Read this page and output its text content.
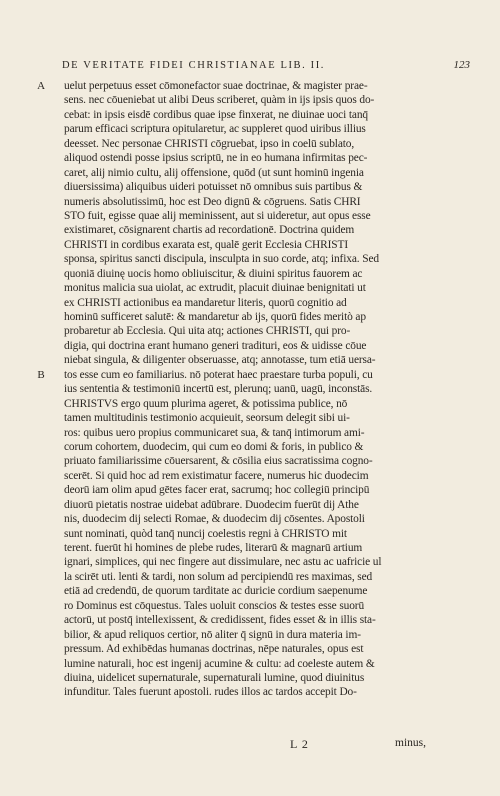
DE VERITATE FIDEI CHRISTIANAE LIB. II.	123
A uelut perpetuus esset cōmonefactor suae doctrinae, & magister prae-
sens. nec cōueniebat ut alibi Deus scriberet, quàm in ijs ipsis quos do-
cebat: in ipsis eisdē cordibus quae ipse finxerat, ne diuinae uoci tanq̄
parum efficaci scriptura opitularetur, ac suppleret quod uiribus illius
deesset. Nec personae CHRISTI cōgruebat, ipso in coelū sublato,
aliquod ostendi posse ipsius scriptū, ne in eo humana infirmitas pec-
caret, alij nimio cultu, alij offensione, quōd (ut sunt hominū ingenia
diuersissima) aliquibus uideri potuisset nō omnibus suis partibus &
numeris absolutissimū, hoc est Deo dignū & cōgruens. Satis CHRI
STO fuit, egisse quae alij meminissent, aut si uideretur, aut opus esse
existimaret, cōsignarent chartis ad recordationē. Doctrina quidem
CHRISTI in cordibus exarata est, qualē gerit Ecclesia CHRISTI
sponsa, spiritus sancti discipula, insculpta in suo corde, atq; infixa. Sed
quoniā diuinę uocis homo obliuiscitur, & diuini spiritus fauorem ac
monitus malicia sua uiolat, ac extrudit, placuit diuinae benignitati ut
ex CHRISTI actionibus ea mandaretur literis, quorū cognitio ad
hominū sufficeret salutē: & mandaretur ab ijs, quorū fides meritò ap
probaretur ab Ecclesia. Qui uita atq; actiones CHRISTI, qui pro-
digia, qui doctrina erant humano generi tradituri, eos & uidisse cōue
niebat singula, & diligenter obseruasse, atq; annotasse, tum etiā uersa-
B tos esse cum eo familiarius. nō poterat haec praestare turba populi, cu
ius sententia & testimoniū incertū est, plerunq; uanū, uagū, inconstās.
CHRISTVS ergo quum plurima ageret, & potissima publice, nō
tamen multitudinis testimonio acquieuit, seorsum delegit sibi ui-
ros: quibus uero propius communicaret sua, & tanq̄ intimorum ami-
corum cohortem, duodecim, qui cum eo domi & foris, in publico &
priuato familiarissime cōuersarent, & cōsilia eius sacratissima cogno-
scerēt. Si quid hoc ad rem existimatur facere, numerus hic duodecim
deorū iam olim apud gētes facer erat, sacrumq; hoc collegiū principū
diuorū pietatis nostrae uidebat adūbrare. Duodecim fuerūt dij Athe
nis, duodecim dij selecti Romae, & duodecim dij cōsentes. Apostoli
sunt nominati, quòd tanq̄ nuncij coelestis regni à CHRISTO mit
terent. fuerūt hi homines de plebe rudes, literarū & magnarū artium
ignari, simplices, qui nec fingere aut dissimulare, nec astu ac uafricie ul
la scirēt uti. lenti & tardi, non solum ad percipiendū res maximas, sed
etiā ad credendū, de quorum tarditate ac duricie cordium saepenume
ro Dominus est cōquestus. Tales uoluit conscios & testes esse suorū
actorū, ut postq̄ intellexissent, & credidissent, fides esset & in illis sta-
bilior, & apud reliquos certior, nō aliter q̄ signū in dura materia im-
pressum. Ad exhibēdas humanas doctrinas, nēpe naturales, opus est
lumine naturali, hoc est ingenij acumine & cultu: ad coeleste autem &
diuina, uidelicet supernaturale, supernaturali lumine, quod diuinitus
infunditur. Tales fuerunt apostoli. rudes illos ac tardos accepit Do-
L 2	minus,
